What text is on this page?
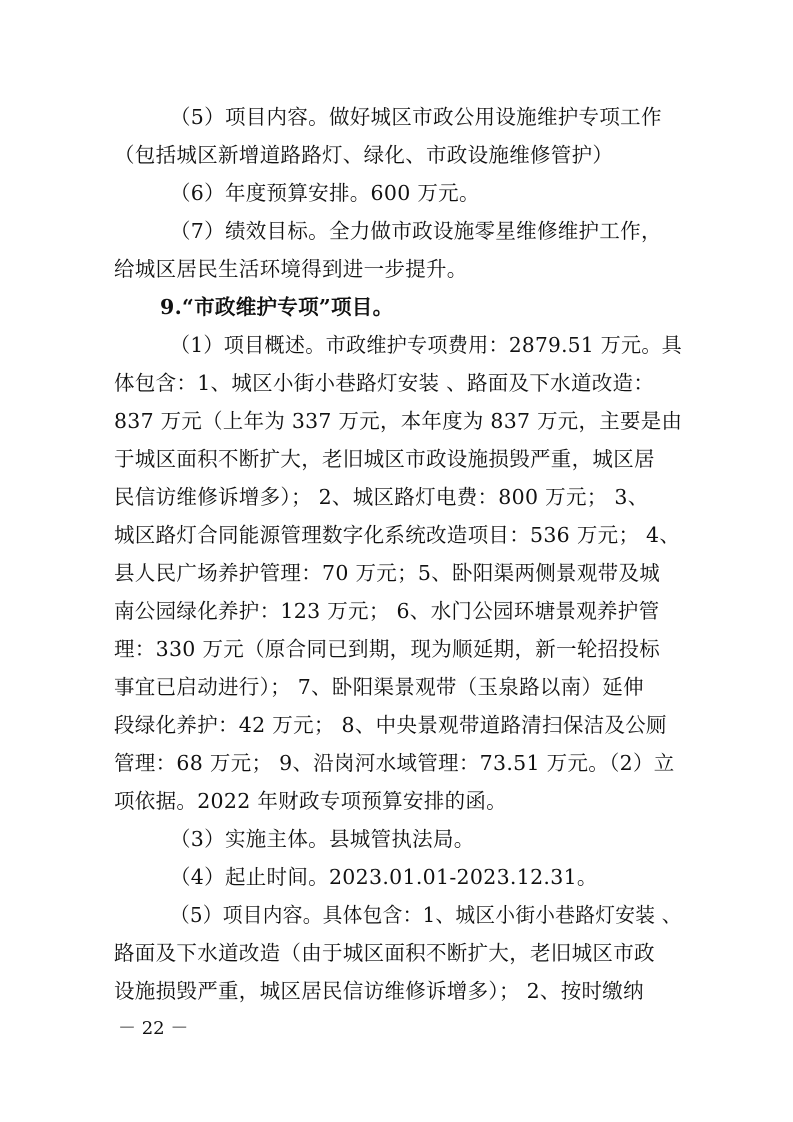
（5）项目内容。做好城区市政公用设施维护专项工作
（包括城区新增道路路灯、绿化、市政设施维修管护）
（6）年度预算安排。600 万元。
（7）绩效目标。全力做市政设施零星维修维护工作，
给城区居民生活环境得到进一步提升。
9.“市政维护专项”项目。
（1）项目概述。市政维护专项费用：2879.51 万元。具
体包含：1、城区小街小巷路灯安装 、路面及下水道改造：
837 万元（上年为 337 万元，本年度为 837 万元，主要是由
于城区面积不断扩大，老旧城区市政设施损毁严重，城区居
民信访维修诉增多）； 2、城区路灯电费：800 万元； 3、
城区路灯合同能源管理数字化系统改造项目：536 万元； 4、
县人民广场养护管理：70 万元；5、卧阳渠两侧景观带及城
南公园绿化养护：123 万元； 6、水门公园环塘景观养护管
理：330 万元（原合同已到期，现为顺延期，新一轮招投标
事宜已启动进行）； 7、卧阳渠景观带（玉泉路以南）延伸
段绿化养护：42 万元； 8、中央景观带道路清扫保洁及公厕
管理：68 万元； 9、沿岗河水域管理：73.51 万元。（2）立
项依据。2022 年财政专项预算安排的函。
（3）实施主体。县城管执法局。
（4）起止时间。2023.01.01-2023.12.31。
（5）项目内容。具体包含：1、城区小街小巷路灯安装 、
路面及下水道改造（由于城区面积不断扩大，老旧城区市政
设施损毁严重，城区居民信访维修诉增多）； 2、按时缴纳
－ 22 －
